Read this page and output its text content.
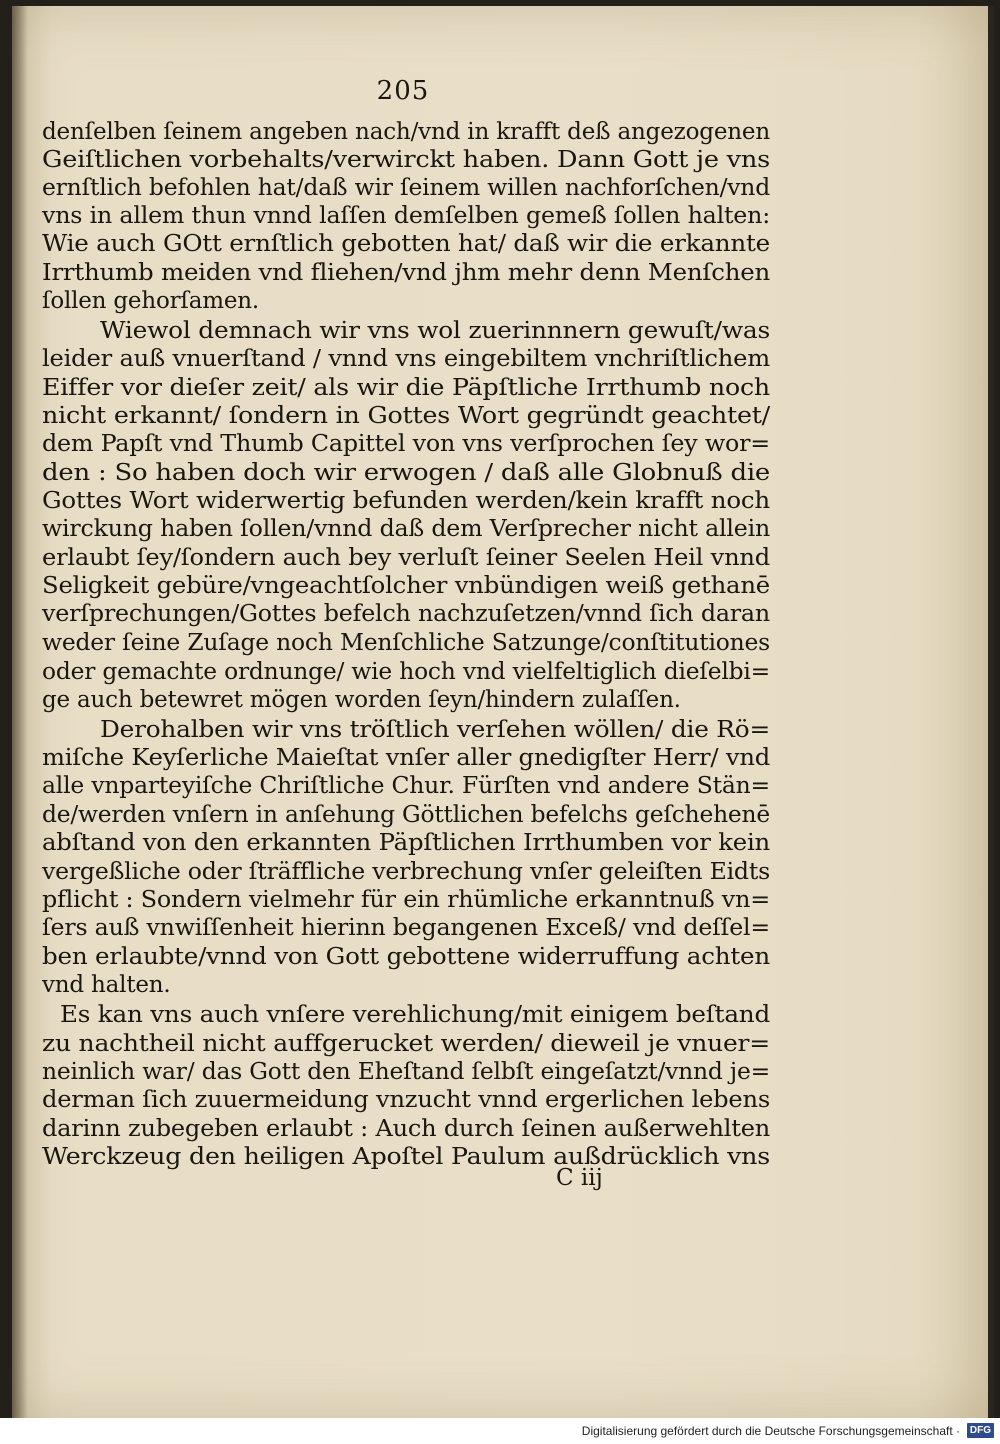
205
denſelben ſeinem angeben nach/vnd in krafft deß angezogenen
Geiſtlichen vorbehalts/verwirckt haben. Dann Gott je vns
ernſtlich befohlen hat/daß wir ſeinem willen nachforſchen/vnd
vns in allem thun vnnd laſſen demſelben gemeß ſollen halten:
Wie auch GOtt ernſtlich gebotten hat/ daß wir die erkannte
Irrthumb meiden vnd fliehen/vnd jhm mehr denn Menſchen
ſollen gehorſamen.
Wiewol demnach wir vns wol zuerinnnern gewuſt/was
leider auß vnuerſtand / vnnd vns eingebiltem vnchriſtlichem
Eiffer vor dieſer zeit/ als wir die Päpſtliche Irrthumb noch
nicht erkannt/ ſondern in Gottes Wort gegründt geachtet/
dem Papſt vnd Thumb Capittel von vns verſprochen ſey wor=
den : So haben doch wir erwogen / daß alle Globnuß die
Gottes Wort widerwertig befunden werden/kein krafft noch
wirckung haben ſollen/vnnd daß dem Verſprecher nicht allein
erlaubt ſey/ſondern auch bey verluſt ſeiner Seelen Heil vnnd
Seligkeit gebüre/vngeachtſolcher vnbündigen weiß gethanē
verſprechungen/Gottes befelch nachzuſetzen/vnnd ſich daran
weder ſeine Zuſage noch Menſchliche Satzunge/conſtitutiones
oder gemachte ordnunge/ wie hoch vnd vielfeltiglich dieſelbi=
ge auch betewret mögen worden ſeyn/hindern zulaſſen.
Derohalben wir vns tröſtlich verſehen wöllen/ die Rö=
miſche Keyſerliche Maieſtat vnſer aller gnedigſter Herr/ vnd
alle vnparteyiſche Chriſtliche Chur. Fürſten vnd andere Stän=
de/werden vnſern in anſehung Göttlichen befelchs geſchehenē
abſtand von den erkannten Päpſtlichen Irrthumben vor kein
vergeßliche oder ſträffliche verbrechung vnſer geleiſten Eidts
pflicht : Sondern vielmehr für ein rhümliche erkanntnuß vn=
ſers auß vnwiſſenheit hierinn begangenen Exceß/ vnd deſſel=
ben erlaubte/vnnd von Gott gebottene widerruffung achten
vnd halten.
Es kan vns auch vnſere verehlichung/mit einigem beſtand
zu nachtheil nicht auffgerucket werden/ dieweil je vnuer=
neinlich war/ das Gott den Eheſtand ſelbſt eingeſatzt/vnnd je=
derman ſich zuuermeidung vnzucht vnnd ergerlichen lebens
darinn zubegeben erlaubt : Auch durch ſeinen außerwehlten
Werckzeug den heiligen Apoſtel Paulum außdrücklich vns
C iij
Digitalisierung gefördert durch die Deutsche Forschungsgemeinschaft · DFG
